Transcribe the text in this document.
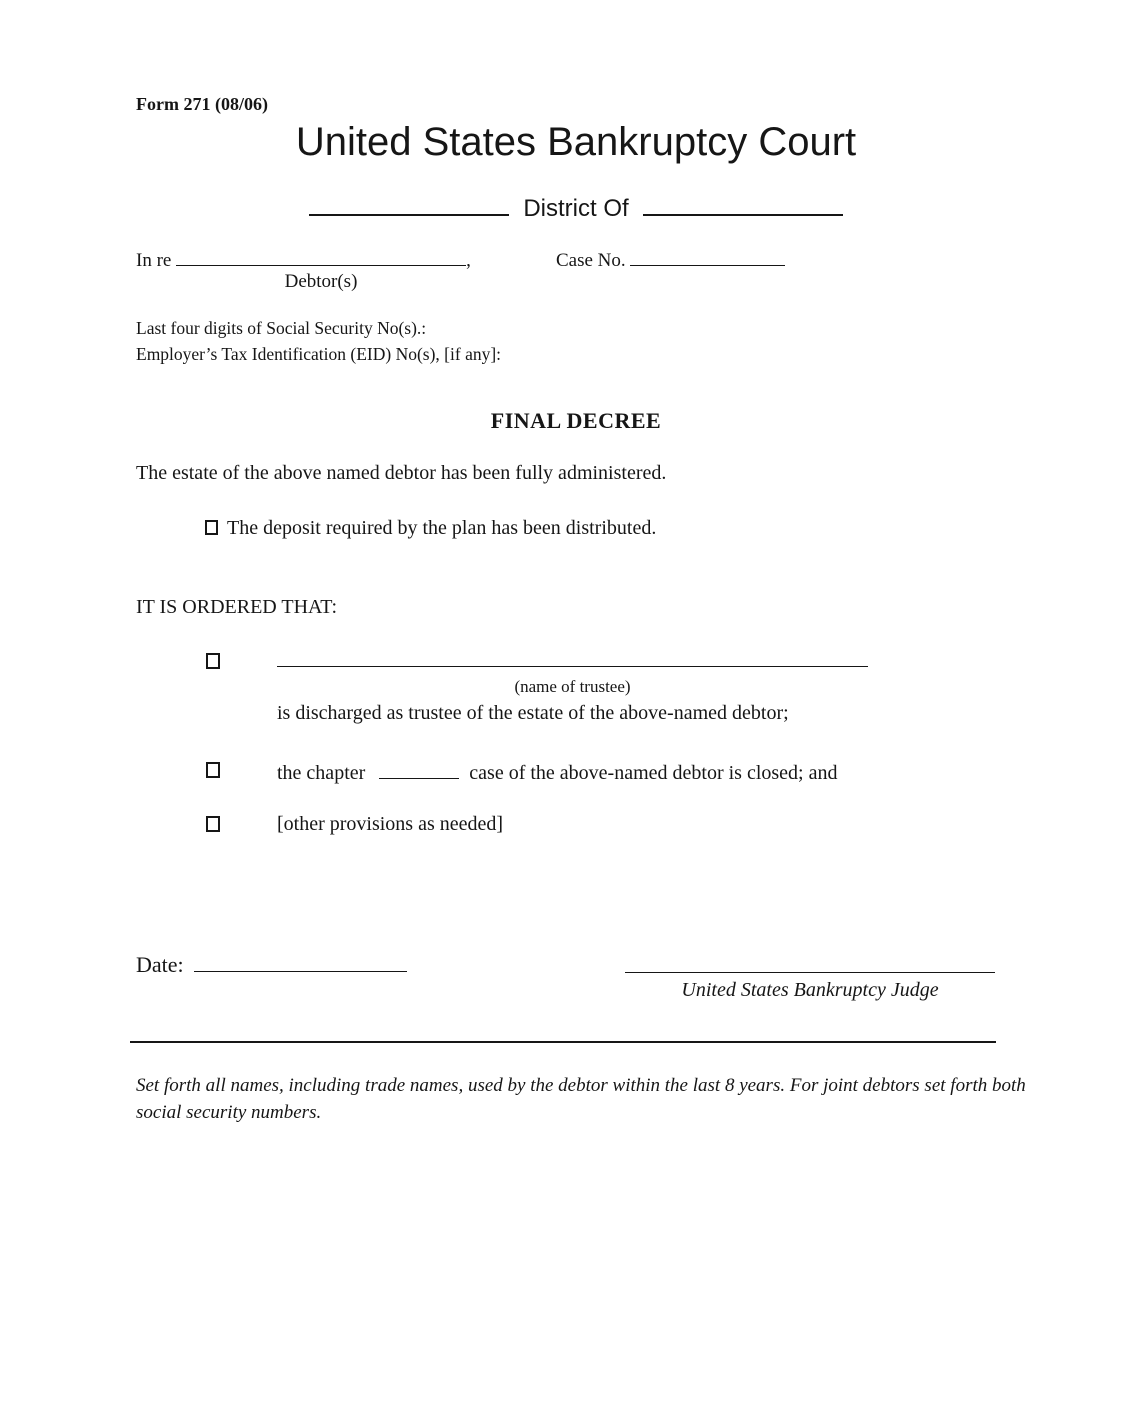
Form 271 (08/06)
United States Bankruptcy Court
District Of
In re	,	Case No.
Debtor(s)
Last four digits of Social Security No(s).:
Employer’s Tax Identification (EID) No(s), [if any]:
FINAL DECREE
The estate of the above named debtor has been fully administered.
The deposit required by the plan has been distributed.
IT IS ORDERED THAT:
(name of trustee)
is discharged as trustee of the estate of the above-named debtor;
the chapter	case of the above-named debtor is closed; and
[other provisions as needed]
Date:
United States Bankruptcy Judge
Set forth all names, including trade names, used by the debtor within the last 8 years. For joint debtors set forth both social security numbers.
